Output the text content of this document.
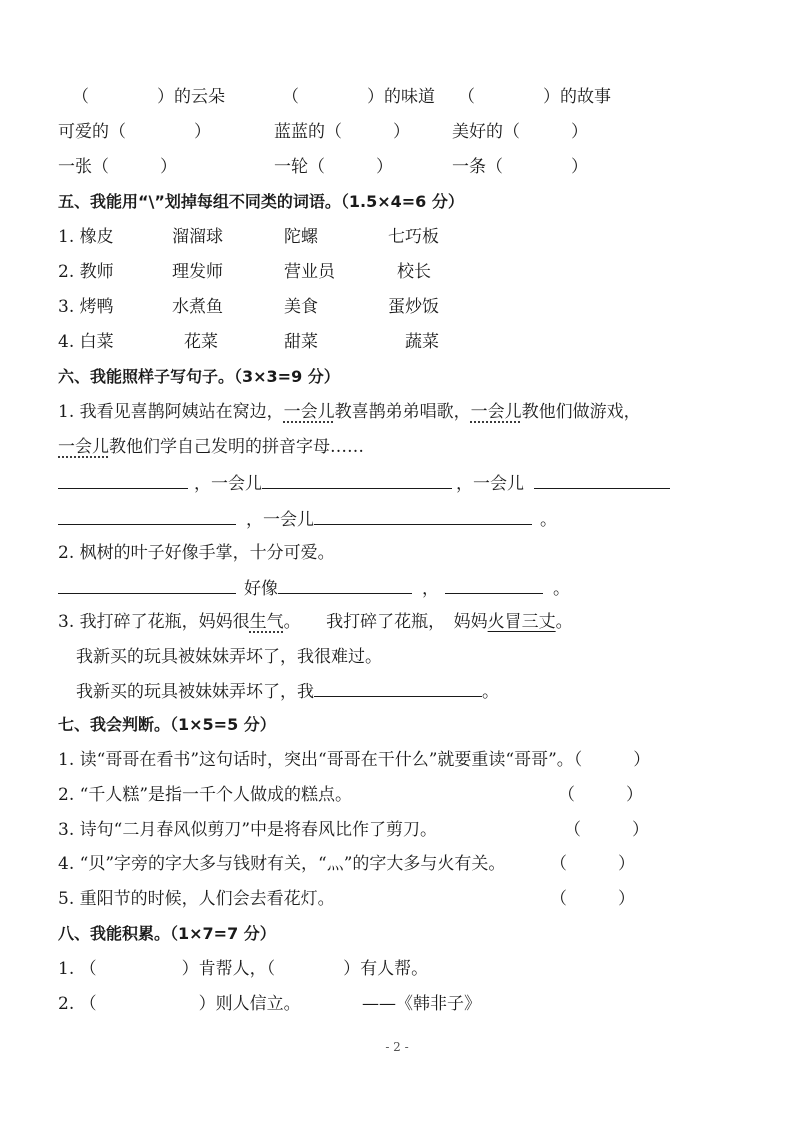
（　　　　）的云朵	（　　　　）的味道 （　　　　）的故事
可爱的（　　　　）	蓝蓝的（　　　） 美好的（　　　）
一张（　　　）	一轮（　　　）	一条（　　　　）
五、我能用“\”划掉每组不同类的词语。（1.5×4=6 分）
1. 橡皮	溜溜球	陀螺	七巧板
2. 教师	理发师	营业员	校长
3. 烤鸭	水煮鱼	美食	蛋炒饭
4. 白菜	花菜	甜菜	蔬菜
六、我能照样子写句子。（3×3=9 分）
1. 我看见喜鹊阿姨站在窝边，一会儿教喜鹊弟弟唱歌，一会儿教他们做游戏，
一会儿教他们学自己发明的拼音字母……
，一会儿	，一会儿
，一会儿	。
2. 枫树的叶子好像手掌，十分可爱。
好像	，	。
3. 我打碎了花瓶，妈妈很生气。　　我打碎了花瓶，　妈妈火冒三丈。
我新买的玩具被妹妹弄坏了，我很难过。
我新买的玩具被妹妹弄坏了，我	。
七、我会判断。（1×5=5 分）
1. 读“哥哥在看书”这句话时，突出“哥哥在干什么”就要重读“哥哥”。（　　　）
2. “千人糕”是指一千个人做成的糕点。	（　　　）
3. 诗句“二月春风似剪刀”中是将春风比作了剪刀。	（　　　）
4. “贝”字旁的字大多与钱财有关，“灬”的字大多与火有关。	（　　　）
5. 重阳节的时候，人们会去看花灯。	（　　　）
八、我能积累。（1×7=7 分）
1. （　　　　　）肯帮人，（　　　　）有人帮。
2. （　　　　　　）则人信立。	——《韩非子》
- 2 -
